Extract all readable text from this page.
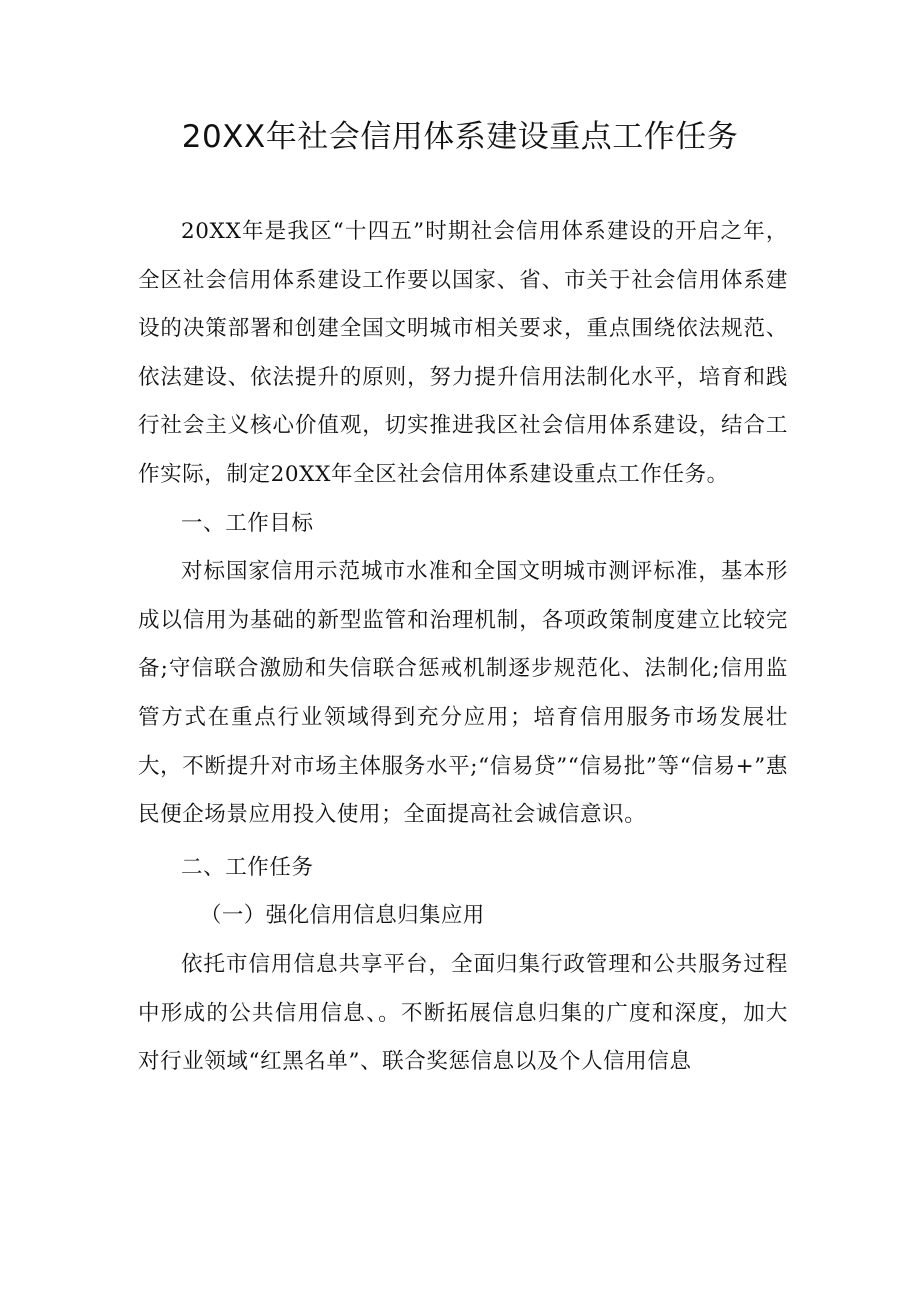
20XX年社会信用体系建设重点工作任务

20XX年是我区“十四五”时期社会信用体系建设的开启之年，全区社会信用体系建设工作要以国家、省、市关于社会信用体系建设的决策部署和创建全国文明城市相关要求，重点围绕依法规范、依法建设、依法提升的原则，努力提升信用法制化水平，培育和践行社会主义核心价值观，切实推进我区社会信用体系建设，结合工作实际，制定20XX年全区社会信用体系建设重点工作任务。

一、工作目标

对标国家信用示范城市水准和全国文明城市测评标准，基本形成以信用为基础的新型监管和治理机制，各项政策制度建立比较完备;守信联合激励和失信联合惩戒机制逐步规范化、法制化;信用监管方式在重点行业领域得到充分应用；培育信用服务市场发展壮大，不断提升对市场主体服务水平;“信易贷”“信易批”等“信易+”惠民便企场景应用投入使用；全面提高社会诚信意识。

二、工作任务

（一）强化信用信息归集应用

依托市信用信息共享平台，全面归集行政管理和公共服务过程中形成的公共信用信息、。不断拓展信息归集的广度和深度，加大对行业领域“红黑名单”、联合奖惩信息以及个人信用信息
